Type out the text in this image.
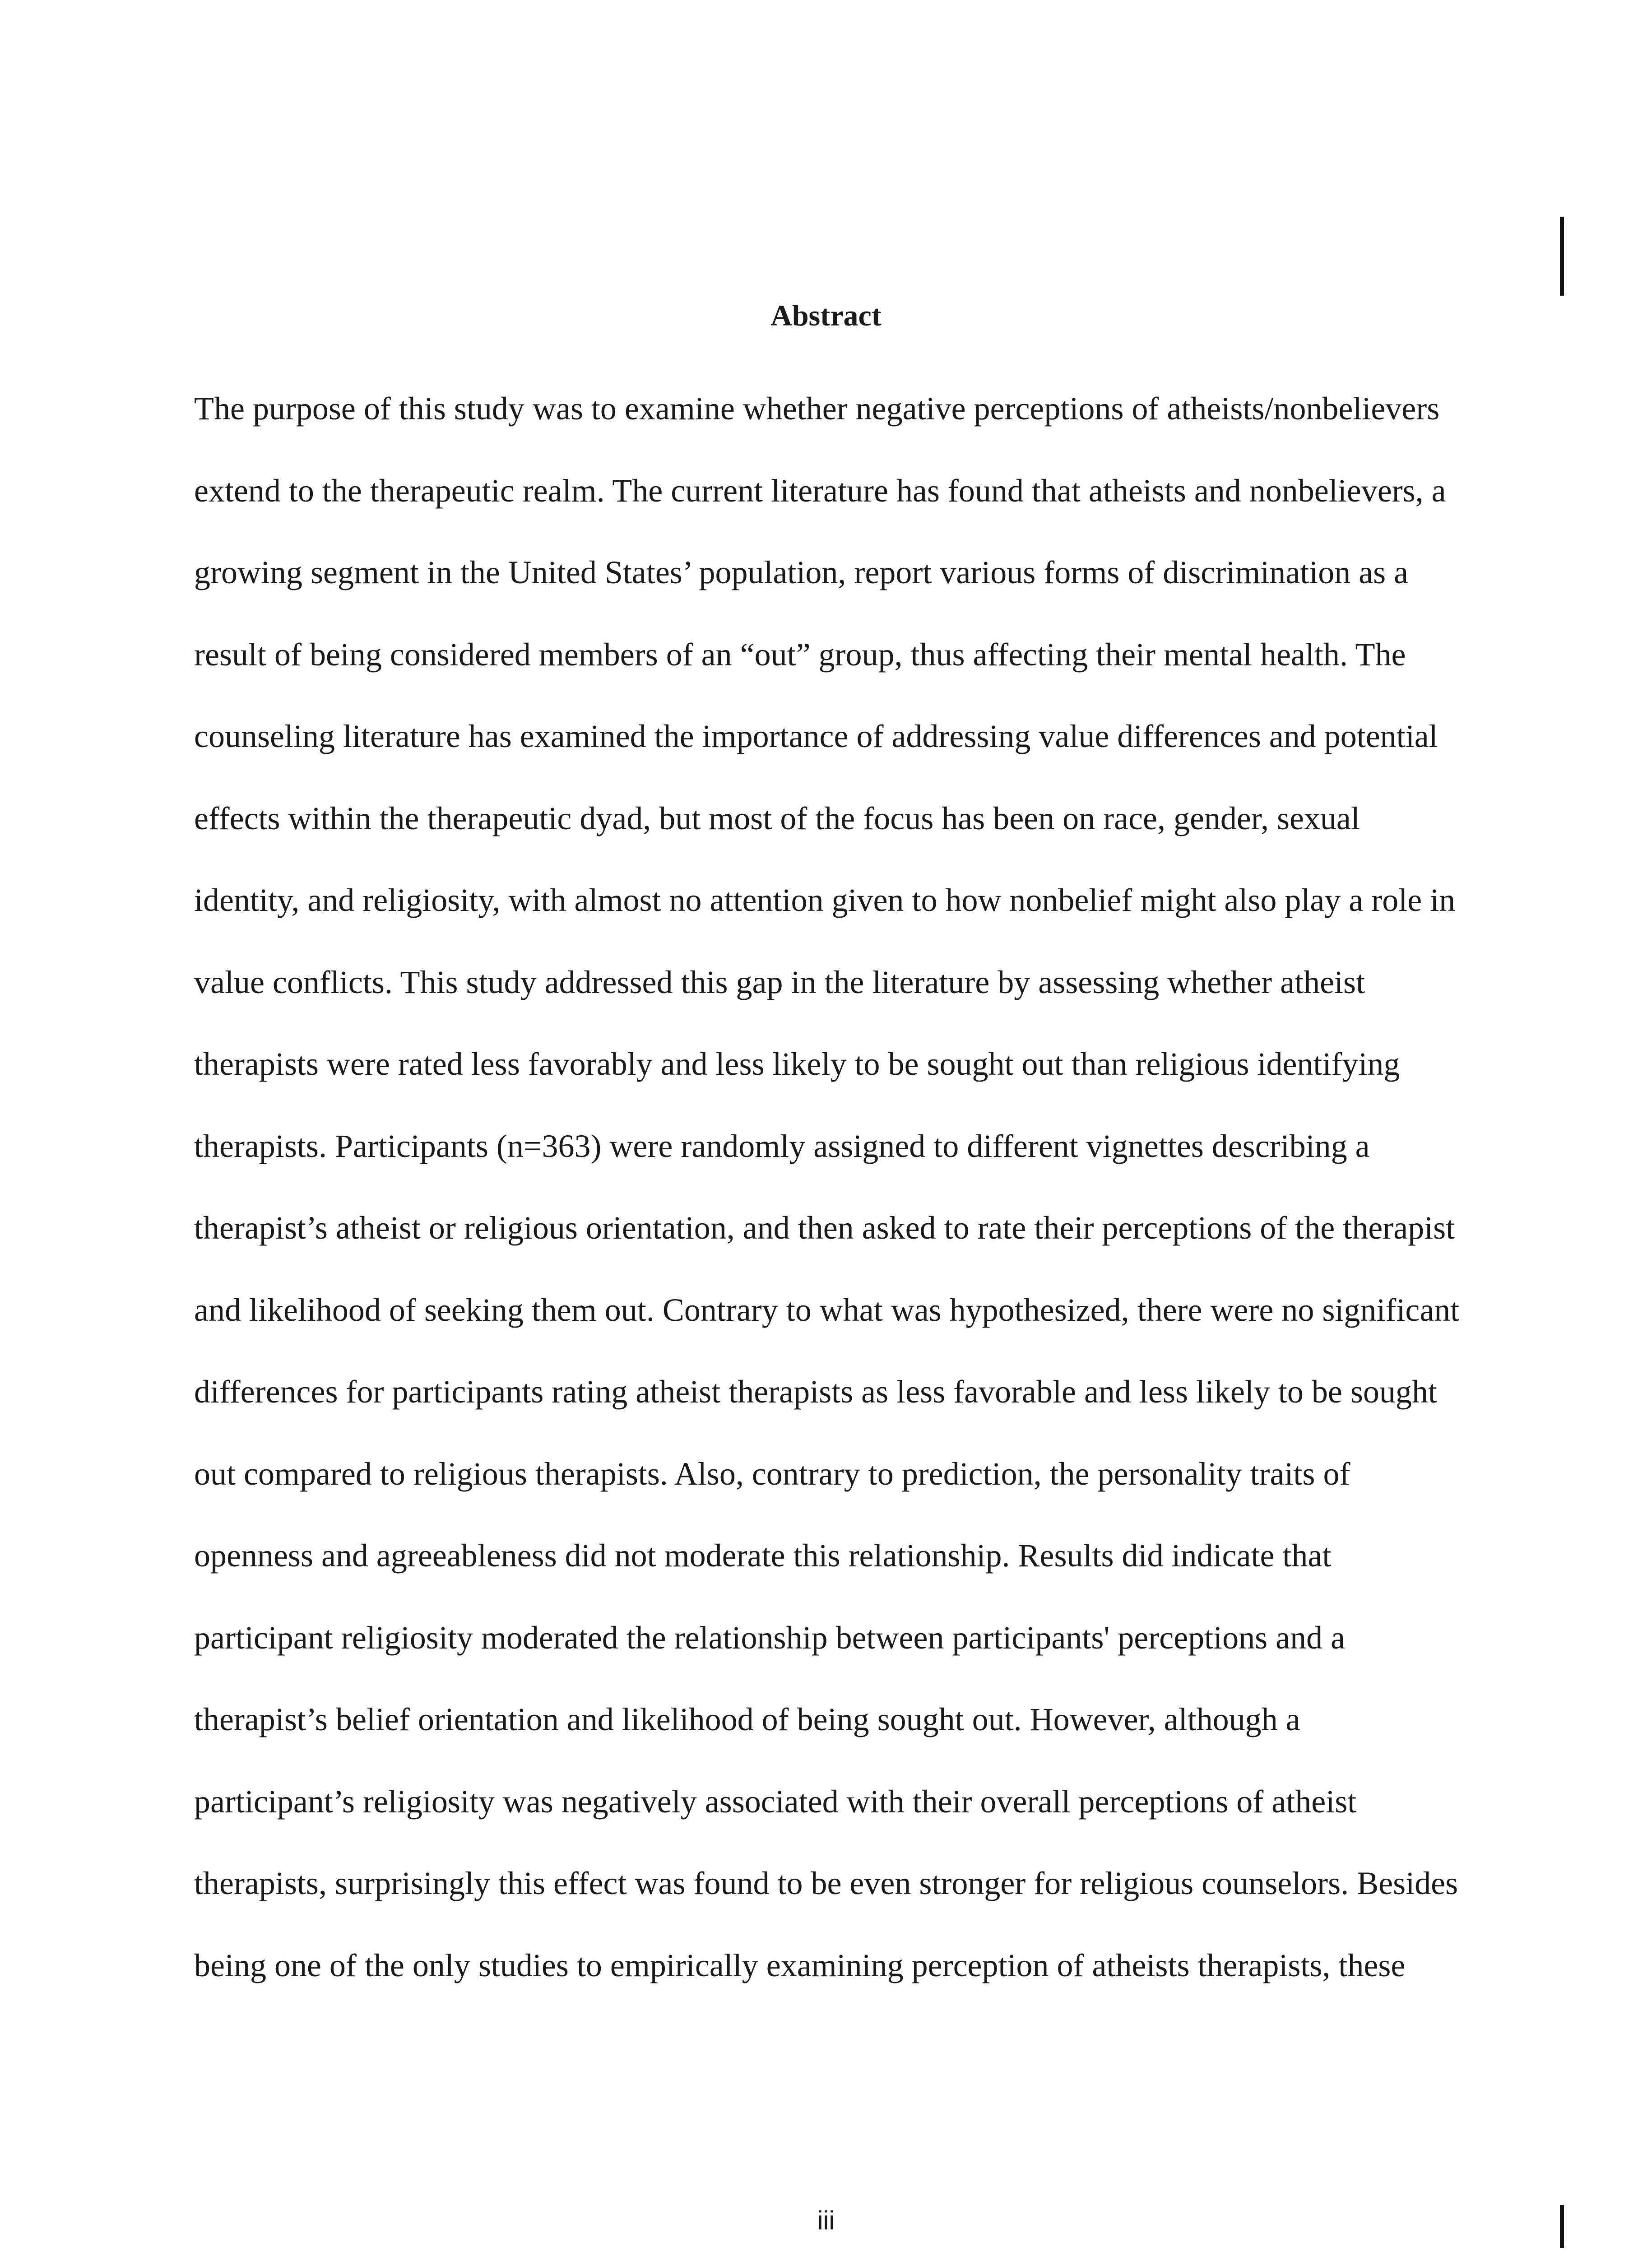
Abstract
The purpose of this study was to examine whether negative perceptions of atheists/nonbelievers
extend to the therapeutic realm. The current literature has found that atheists and nonbelievers, a
growing segment in the United States’ population, report various forms of discrimination as a
result of being considered members of an “out” group, thus affecting their mental health. The
counseling literature has examined the importance of addressing value differences and potential
effects within the therapeutic dyad, but most of the focus has been on race, gender, sexual
identity, and religiosity, with almost no attention given to how nonbelief might also play a role in
value conflicts. This study addressed this gap in the literature by assessing whether atheist
therapists were rated less favorably and less likely to be sought out than religious identifying
therapists. Participants (n=363) were randomly assigned to different vignettes describing a
therapist’s atheist or religious orientation, and then asked to rate their perceptions of the therapist
and likelihood of seeking them out. Contrary to what was hypothesized, there were no significant
differences for participants rating atheist therapists as less favorable and less likely to be sought
out compared to religious therapists. Also, contrary to prediction, the personality traits of
openness and agreeableness did not moderate this relationship. Results did indicate that
participant religiosity moderated the relationship between participants' perceptions and a
therapist’s belief orientation and likelihood of being sought out. However, although a
participant’s religiosity was negatively associated with their overall perceptions of atheist
therapists, surprisingly this effect was found to be even stronger for religious counselors. Besides
being one of the only studies to empirically examining perception of atheists therapists, these
iii
